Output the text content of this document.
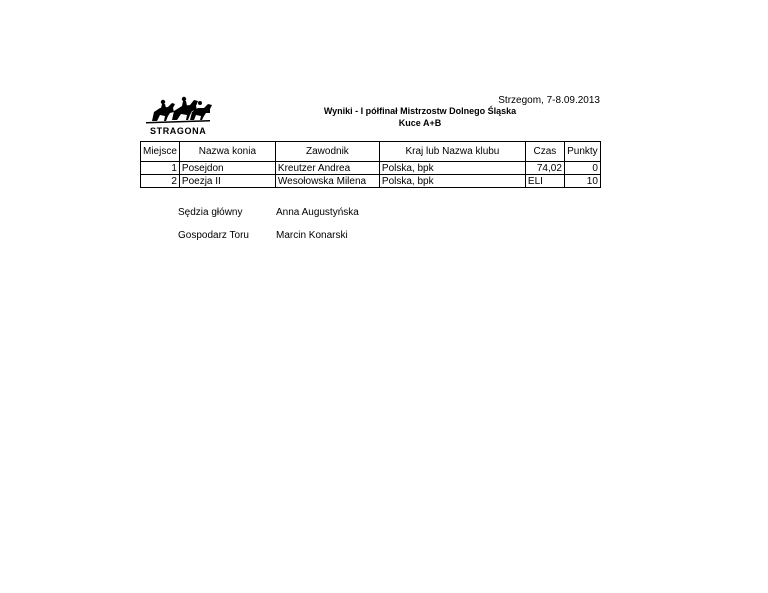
Strzegom, 7-8.09.2013
Wyniki - I półfinał Mistrzostw Dolnego Śląska
Kuce A+B
STRAGONA
Miejsce	Nazwa konia	Zawodnik	Kraj lub Nazwa klubu	Czas	Punkty
1	Posejdon	Kreutzer Andrea	Polska, bpk	74,02	0
2	Poezja II	Wesołowska Milena	Polska, bpk	ELI	10
Sędzia główny	Anna Augustyńska
Gospodarz Toru	Marcin Konarski
